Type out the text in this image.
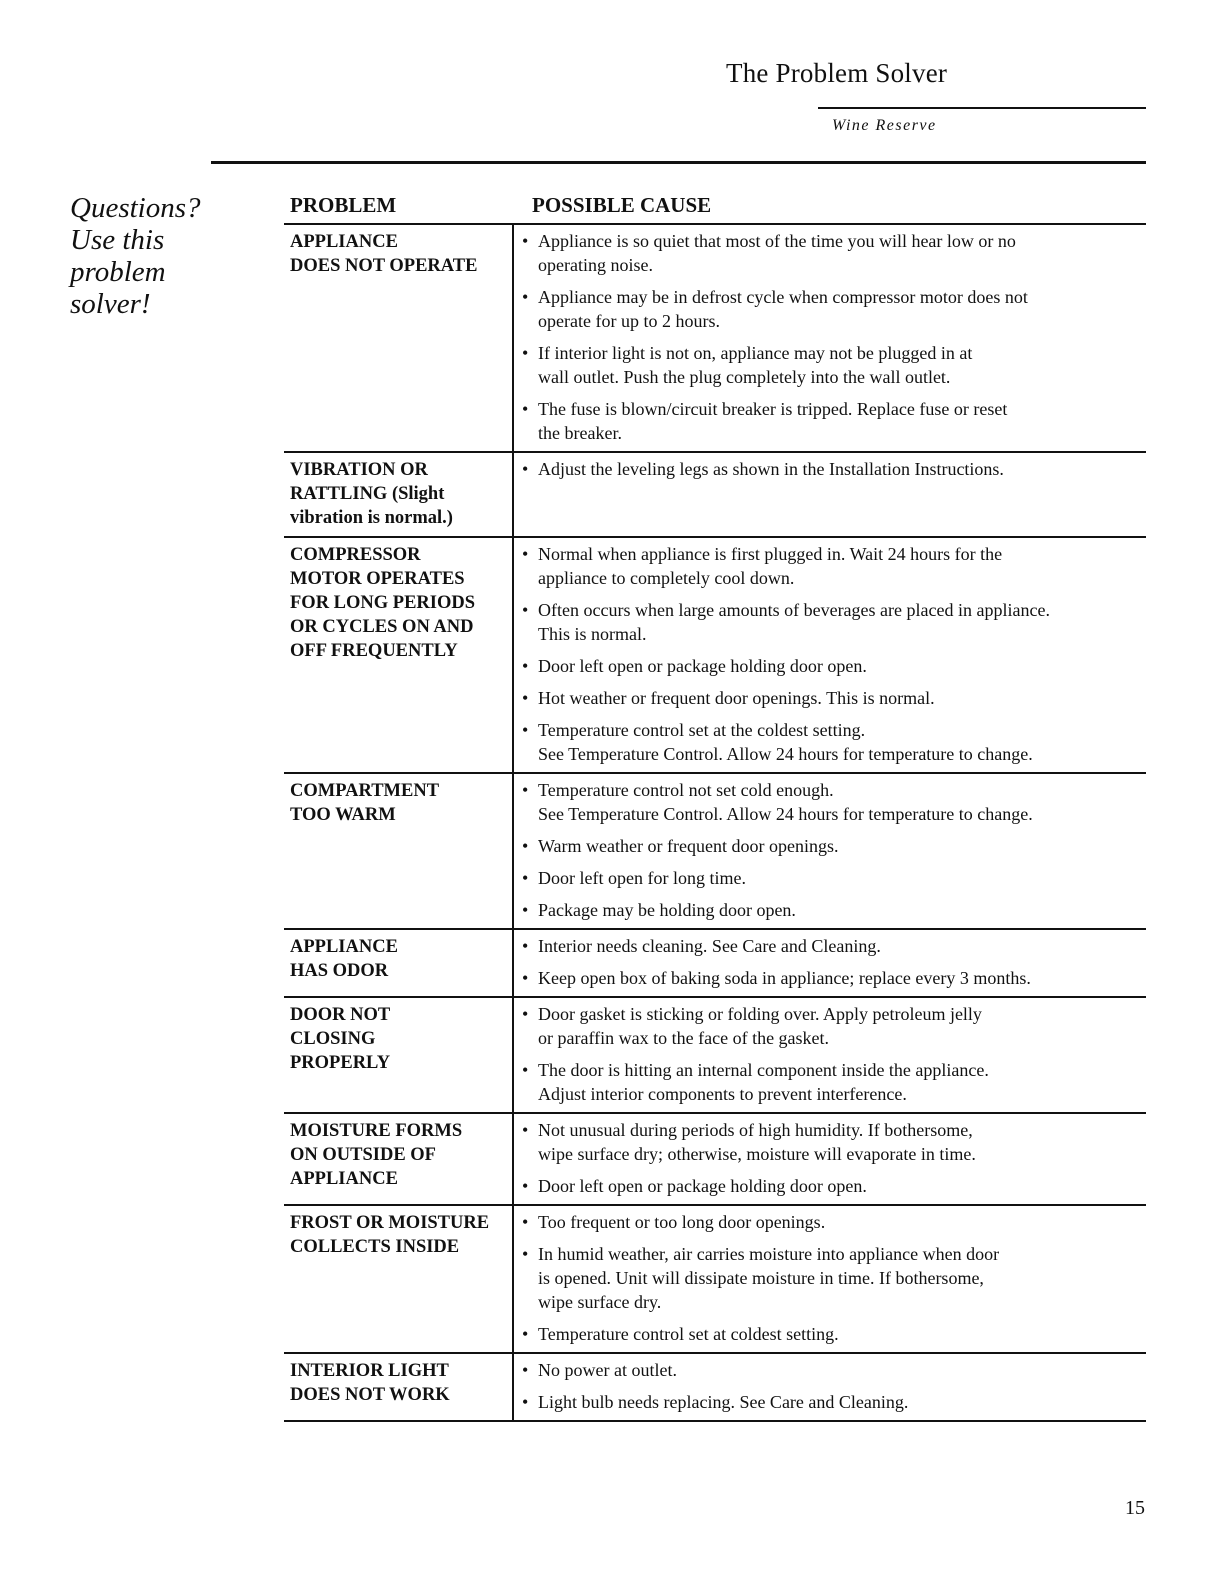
The Problem Solver
Wine Reserve
Questions?
Use this
problem
solver!
PROBLEM	POSSIBLE CAUSE
APPLIANCE
DOES NOT OPERATE
• Appliance is so quiet that most of the time you will hear low or no
operating noise.
• Appliance may be in defrost cycle when compressor motor does not
operate for up to 2 hours.
• If interior light is not on, appliance may not be plugged in at
wall outlet. Push the plug completely into the wall outlet.
• The fuse is blown/circuit breaker is tripped. Replace fuse or reset
the breaker.
VIBRATION OR
RATTLING (Slight
vibration is normal.)
• Adjust the leveling legs as shown in the Installation Instructions.
COMPRESSOR
MOTOR OPERATES
FOR LONG PERIODS
OR CYCLES ON AND
OFF FREQUENTLY
• Normal when appliance is first plugged in. Wait 24 hours for the
appliance to completely cool down.
• Often occurs when large amounts of beverages are placed in appliance.
This is normal.
• Door left open or package holding door open.
• Hot weather or frequent door openings. This is normal.
• Temperature control set at the coldest setting.
See Temperature Control. Allow 24 hours for temperature to change.
COMPARTMENT
TOO WARM
• Temperature control not set cold enough.
See Temperature Control. Allow 24 hours for temperature to change.
• Warm weather or frequent door openings.
• Door left open for long time.
• Package may be holding door open.
APPLIANCE
HAS ODOR
• Interior needs cleaning. See Care and Cleaning.
• Keep open box of baking soda in appliance; replace every 3 months.
DOOR NOT
CLOSING
PROPERLY
• Door gasket is sticking or folding over. Apply petroleum jelly
or paraffin wax to the face of the gasket.
• The door is hitting an internal component inside the appliance.
Adjust interior components to prevent interference.
MOISTURE FORMS
ON OUTSIDE OF
APPLIANCE
• Not unusual during periods of high humidity. If bothersome,
wipe surface dry; otherwise, moisture will evaporate in time.
• Door left open or package holding door open.
FROST OR MOISTURE
COLLECTS INSIDE
• Too frequent or too long door openings.
• In humid weather, air carries moisture into appliance when door
is opened. Unit will dissipate moisture in time. If bothersome,
wipe surface dry.
• Temperature control set at coldest setting.
INTERIOR LIGHT
DOES NOT WORK
• No power at outlet.
• Light bulb needs replacing. See Care and Cleaning.
15
